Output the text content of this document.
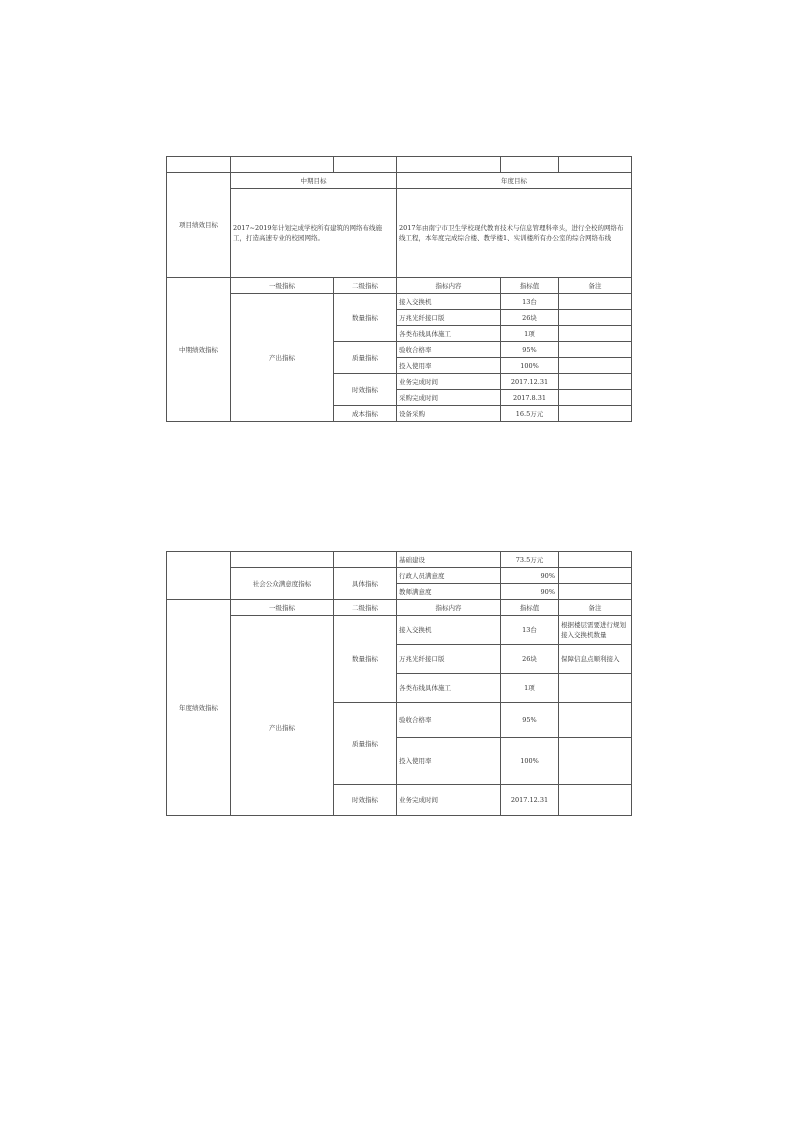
项目绩效目标	中期目标		年度目标		
	2017~2019年计划完成学校所有建筑的网络布线施工，打造高速专业的校园网络。		2017年由南宁市卫生学校现代教育技术与信息管理科牵头，进行全校的网络布线工程，本年度完成综合楼、教学楼1、实训楼所有办公室的综合网络布线		
中期绩效指标	一级指标	二级指标	指标内容	指标值	备注
	产出指标	数量指标	接入交换机	13台	
			万兆光纤接口版	26块	
			各类布线具体施工	1项	
		质量指标	验收合格率	95%	
			投入使用率	100%	
		时效指标	业务完成时间	2017.12.31	
			采购完成时间	2017.8.31	
		成本指标	设备采购	16.5万元	
			基础建设	73.5万元	
	社会公众满意度指标	具体指标	行政人员满意度	90%	
			教师满意度	90%	
年度绩效指标	一级指标	二级指标	指标内容	指标值	备注
	产出指标	数量指标	接入交换机	13台	根据楼层需要进行规划接入交换机数量
			万兆光纤接口版	26块	保障信息点顺利接入
			各类布线具体施工	1项	
		质量指标	验收合格率	95%	
			投入使用率	100%	
		时效指标	业务完成时间	2017.12.31	
